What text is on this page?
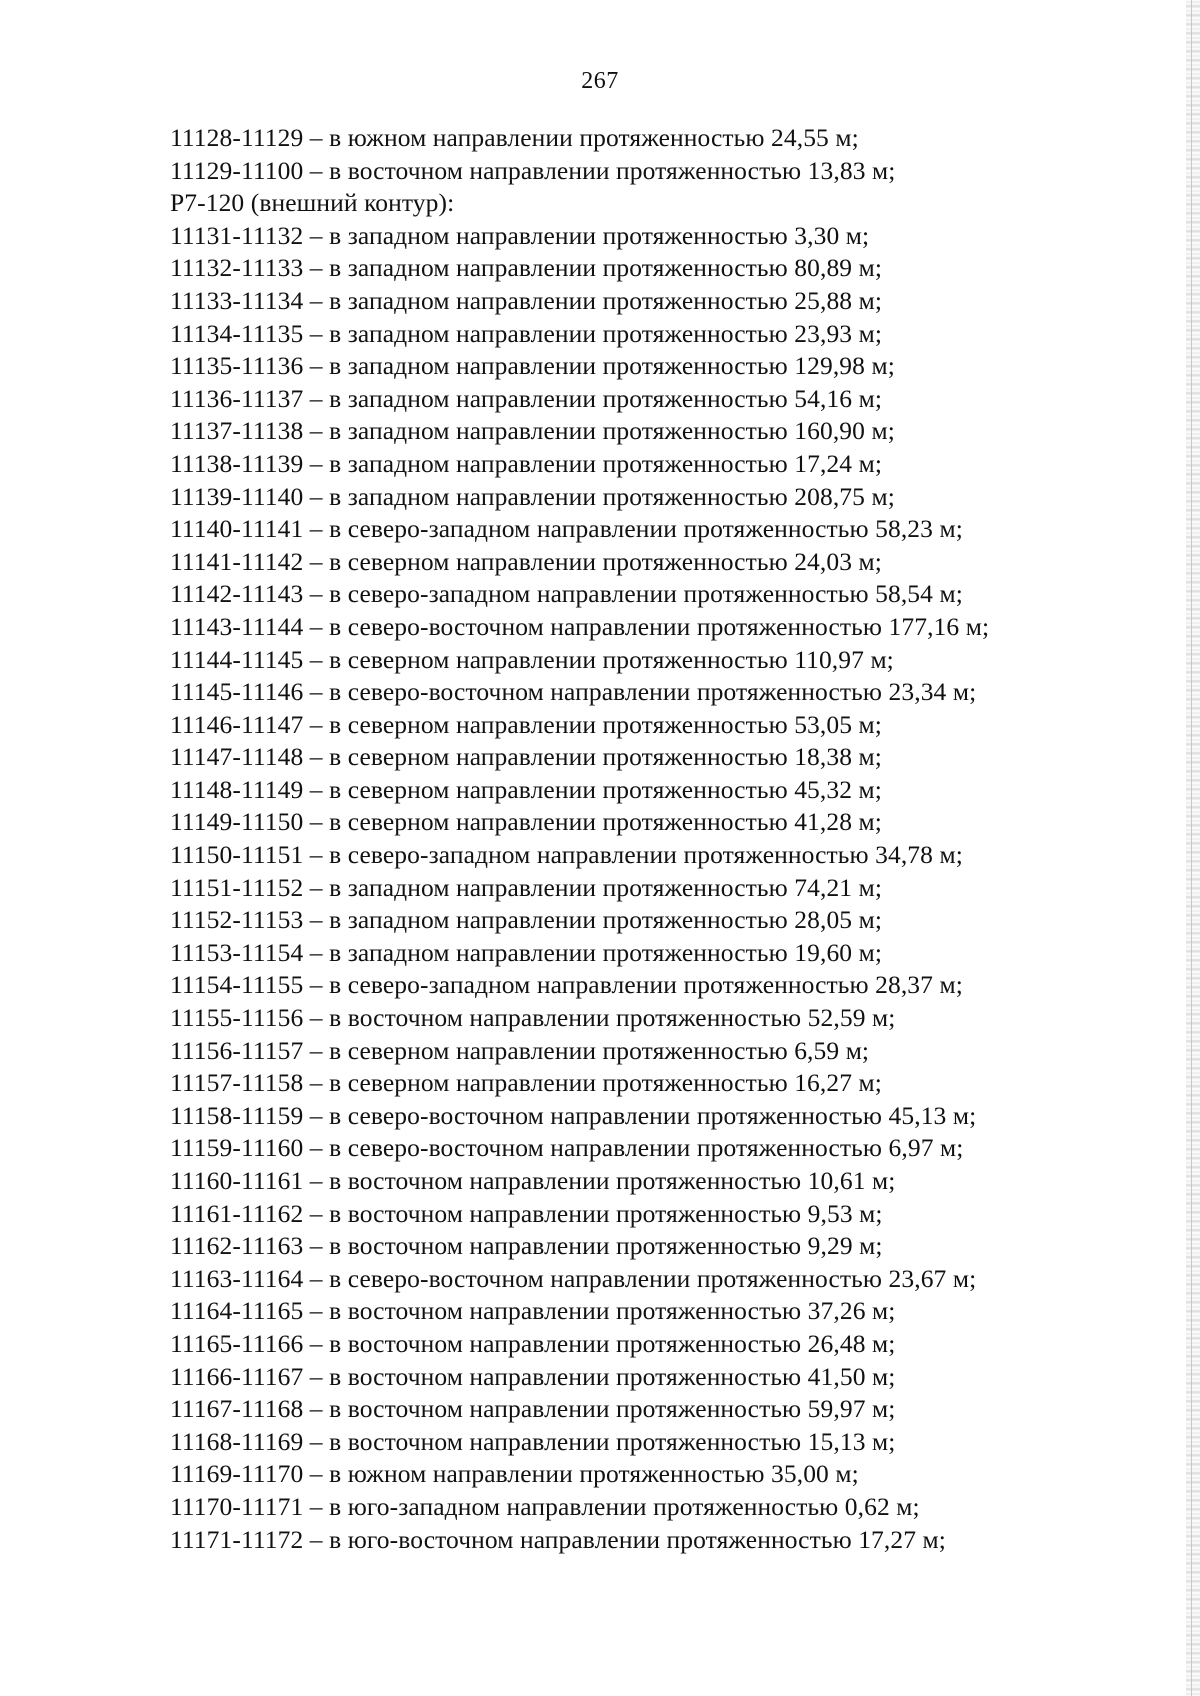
267
11128-11129 – в южном направлении протяженностью 24,55 м;
11129-11100 – в восточном направлении протяженностью 13,83 м;
Р7-120 (внешний контур):
11131-11132 – в западном направлении протяженностью 3,30 м;
11132-11133 – в западном направлении протяженностью 80,89 м;
11133-11134 – в западном направлении протяженностью 25,88 м;
11134-11135 – в западном направлении протяженностью 23,93 м;
11135-11136 – в западном направлении протяженностью 129,98 м;
11136-11137 – в западном направлении протяженностью 54,16 м;
11137-11138 – в западном направлении протяженностью 160,90 м;
11138-11139 – в западном направлении протяженностью 17,24 м;
11139-11140 – в западном направлении протяженностью 208,75 м;
11140-11141 – в северо-западном направлении протяженностью 58,23 м;
11141-11142 – в северном направлении протяженностью 24,03 м;
11142-11143 – в северо-западном направлении протяженностью 58,54 м;
11143-11144 – в северо-восточном направлении протяженностью 177,16 м;
11144-11145 – в северном направлении протяженностью 110,97 м;
11145-11146 – в северо-восточном направлении протяженностью 23,34 м;
11146-11147 – в северном направлении протяженностью 53,05 м;
11147-11148 – в северном направлении протяженностью 18,38 м;
11148-11149 – в северном направлении протяженностью 45,32 м;
11149-11150 – в северном направлении протяженностью 41,28 м;
11150-11151 – в северо-западном направлении протяженностью 34,78 м;
11151-11152 – в западном направлении протяженностью 74,21 м;
11152-11153 – в западном направлении протяженностью 28,05 м;
11153-11154 – в западном направлении протяженностью 19,60 м;
11154-11155 – в северо-западном направлении протяженностью 28,37 м;
11155-11156 – в восточном направлении протяженностью 52,59 м;
11156-11157 – в северном направлении протяженностью 6,59 м;
11157-11158 – в северном направлении протяженностью 16,27 м;
11158-11159 – в северо-восточном направлении протяженностью 45,13 м;
11159-11160 – в северо-восточном направлении протяженностью 6,97 м;
11160-11161 – в восточном направлении протяженностью 10,61 м;
11161-11162 – в восточном направлении протяженностью 9,53 м;
11162-11163 – в восточном направлении протяженностью 9,29 м;
11163-11164 – в северо-восточном направлении протяженностью 23,67 м;
11164-11165 – в восточном направлении протяженностью 37,26 м;
11165-11166 – в восточном направлении протяженностью 26,48 м;
11166-11167 – в восточном направлении протяженностью 41,50 м;
11167-11168 – в восточном направлении протяженностью 59,97 м;
11168-11169 – в восточном направлении протяженностью 15,13 м;
11169-11170 – в южном направлении протяженностью 35,00 м;
11170-11171 – в юго-западном направлении протяженностью 0,62 м;
11171-11172 – в юго-восточном направлении протяженностью 17,27 м;
